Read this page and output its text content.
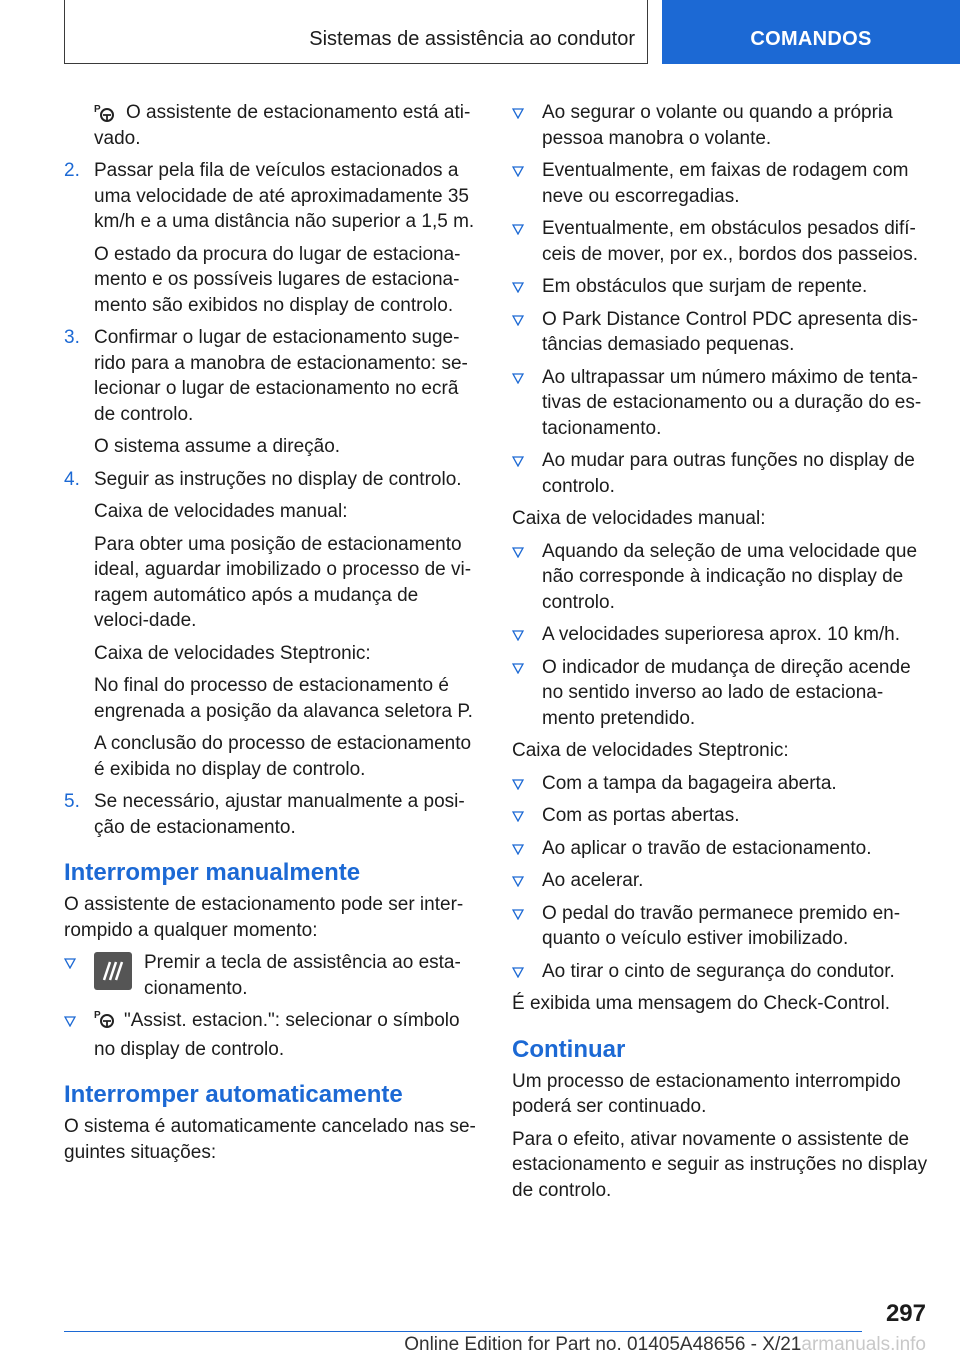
Sistemas de assistência ao condutor	COMANDOS
P	O assistente de estacionamento está ati-vado.

2. Passar pela fila de veículos estacionados a uma velocidade de até aproximadamente 35 km/h e a uma distância não superior a 1,5 m.

O estado da procura do lugar de estaciona-mento e os possíveis lugares de estaciona-mento são exibidos no display de controlo.

3. Confirmar o lugar de estacionamento suge-rido para a manobra de estacionamento: se-lecionar o lugar de estacionamento no ecrã de controlo.

O sistema assume a direção.

4. Seguir as instruções no display de controlo.

Caixa de velocidades manual:

Para obter uma posição de estacionamento ideal, aguardar imobilizado o processo de vi-ragem automático após a mudança de veloci-dade.

Caixa de velocidades Steptronic:

No final do processo de estacionamento é engrenada a posição da alavanca seletora P.

A conclusão do processo de estacionamento é exibida no display de controlo.

5. Se necessário, ajustar manualmente a posi-ção de estacionamento.

Interromper manualmente

O assistente de estacionamento pode ser inter-rompido a qualquer momento:

Premir a tecla de assistência ao esta-cionamento.
P "Assist. estacion.": selecionar o símbolo no display de controlo.
Interromper automaticamente

O sistema é automaticamente cancelado nas se-guintes situações:

Ao segurar o volante ou quando a própria pessoa manobra o volante.
Eventualmente, em faixas de rodagem com neve ou escorregadias.
Eventualmente, em obstáculos pesados difí-ceis de mover, por ex., bordos dos passeios.
Em obstáculos que surjam de repente.
O Park Distance Control PDC apresenta dis-tâncias demasiado pequenas.
Ao ultrapassar um número máximo de tenta-tivas de estacionamento ou a duração do es-tacionamento.
Ao mudar para outras funções no display de controlo.

Caixa de velocidades manual:

Aquando da seleção de uma velocidade que não corresponde à indicação no display de controlo.
A velocidades superioresa aprox. 10 km/h.
O indicador de mudança de direção acende no sentido inverso ao lado de estaciona-mento pretendido.

Caixa de velocidades Steptronic:

Com a tampa da bagageira aberta.
Com as portas abertas.
Ao aplicar o travão de estacionamento.
Ao acelerar.
O pedal do travão permanece premido en-quanto o veículo estiver imobilizado.
Ao tirar o cinto de segurança do condutor.

É exibida uma mensagem do Check-Control.

Continuar

Um processo de estacionamento interrompido poderá ser continuado.

Para o efeito, ativar novamente o assistente de estacionamento e seguir as instruções no display de controlo.

297
Online Edition for Part no. 01405A48656 - X/21armanuals.info
